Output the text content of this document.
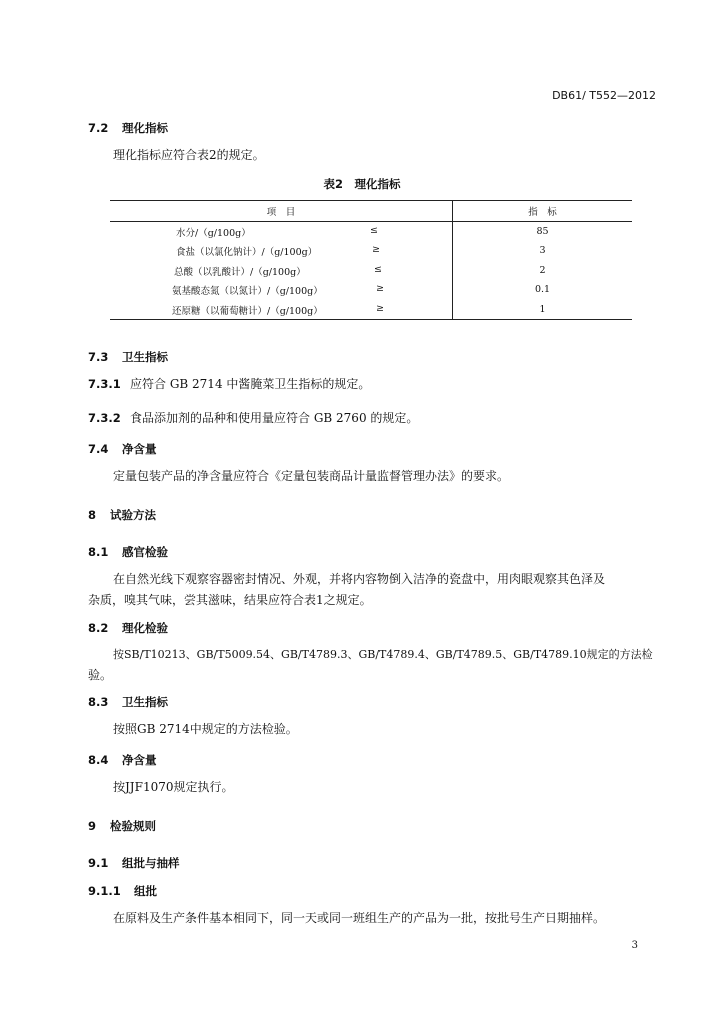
DB61/ T552—2012
7.2 理化指标
理化指标应符合表2的规定。
表2　理化指标
项　目	指　标

水分/（g/100g） ≤	85

食盐（以氯化钠计）/（g/100g） ≥	3

总酸（以乳酸计）/（g/100g） ≤	2

氨基酸态氮（以氮计）/（g/100g） ≥	0.1

还原糖（以葡萄糖计）/（g/100g） ≥	1
7.3 卫生指标
7.3.1 应符合 GB 2714 中酱腌菜卫生指标的规定。
7.3.2 食品添加剂的品种和使用量应符合 GB 2760 的规定。
7.4 净含量
定量包装产品的净含量应符合《定量包装商品计量监督管理办法》的要求。
8 试验方法
8.1 感官检验
在自然光线下观察容器密封情况、外观，并将内容物倒入洁净的瓷盘中，用肉眼观察其色泽及
杂质，嗅其气味，尝其滋味，结果应符合表1之规定。
8.2 理化检验
按SB/T10213、GB/T5009.54、GB/T4789.3、GB/T4789.4、GB/T4789.5、GB/T4789.10规定的方法检
验。
8.3 卫生指标
按照GB 2714中规定的方法检验。
8.4 净含量
按JJF1070规定执行。
9 检验规则
9.1 组批与抽样
9.1.1 组批
在原料及生产条件基本相同下，同一天或同一班组生产的产品为一批，按批号生产日期抽样。
3
